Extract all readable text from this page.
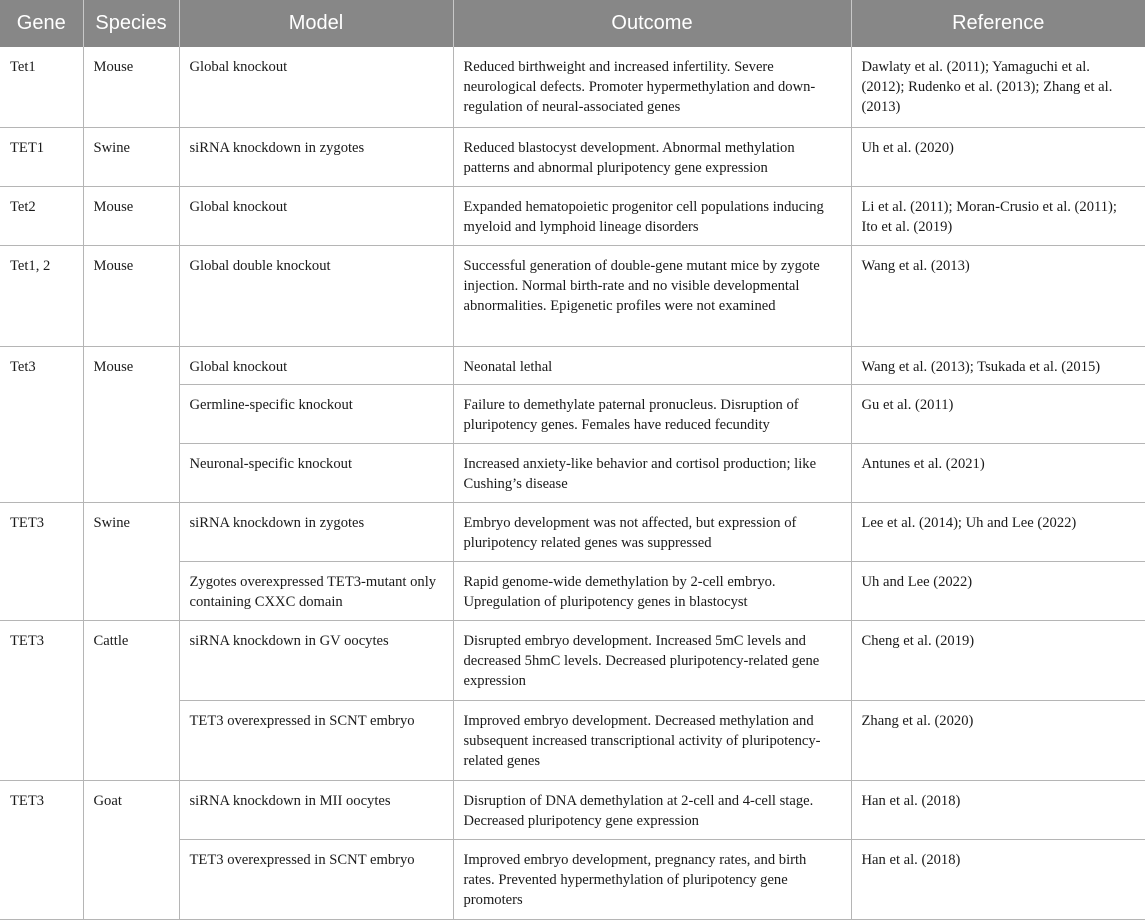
Gene	Species	Model	Outcome	Reference
Tet1	Mouse	Global knockout	Reduced birthweight and increased infertility. Severe neurological defects. Promoter hypermethylation and down-regulation of neural-associated genes	Dawlaty et al. (2011); Yamaguchi et al. (2012); Rudenko et al. (2013); Zhang et al. (2013)
TET1	Swine	siRNA knockdown in zygotes	Reduced blastocyst development. Abnormal methylation patterns and abnormal pluripotency gene expression	Uh et al. (2020)
Tet2	Mouse	Global knockout	Expanded hematopoietic progenitor cell populations inducing myeloid and lymphoid lineage disorders	Li et al. (2011); Moran-Crusio et al. (2011); Ito et al. (2019)
Tet1, 2	Mouse	Global double knockout	Successful generation of double-gene mutant mice by zygote injection. Normal birth-rate and no visible developmental abnormalities. Epigenetic profiles were not examined	Wang et al. (2013)
Tet3	Mouse	Global knockout	Neonatal lethal	Wang et al. (2013); Tsukada et al. (2015)
		Germline-specific knockout	Failure to demethylate paternal pronucleus. Disruption of pluripotency genes. Females have reduced fecundity	Gu et al. (2011)
		Neuronal-specific knockout	Increased anxiety-like behavior and cortisol production; like Cushing’s disease	Antunes et al. (2021)
TET3	Swine	siRNA knockdown in zygotes	Embryo development was not affected, but expression of pluripotency related genes was suppressed	Lee et al. (2014); Uh and Lee (2022)
		Zygotes overexpressed TET3-mutant only containing CXXC domain	Rapid genome-wide demethylation by 2-cell embryo. Upregulation of pluripotency genes in blastocyst	Uh and Lee (2022)
TET3	Cattle	siRNA knockdown in GV oocytes	Disrupted embryo development. Increased 5mC levels and decreased 5hmC levels. Decreased pluripotency-related gene expression	Cheng et al. (2019)
		TET3 overexpressed in SCNT embryo	Improved embryo development. Decreased methylation and subsequent increased transcriptional activity of pluripotency-related genes	Zhang et al. (2020)
TET3	Goat	siRNA knockdown in MII oocytes	Disruption of DNA demethylation at 2-cell and 4-cell stage. Decreased pluripotency gene expression	Han et al. (2018)
		TET3 overexpressed in SCNT embryo	Improved embryo development, pregnancy rates, and birth rates. Prevented hypermethylation of pluripotency gene promoters	Han et al. (2018)
